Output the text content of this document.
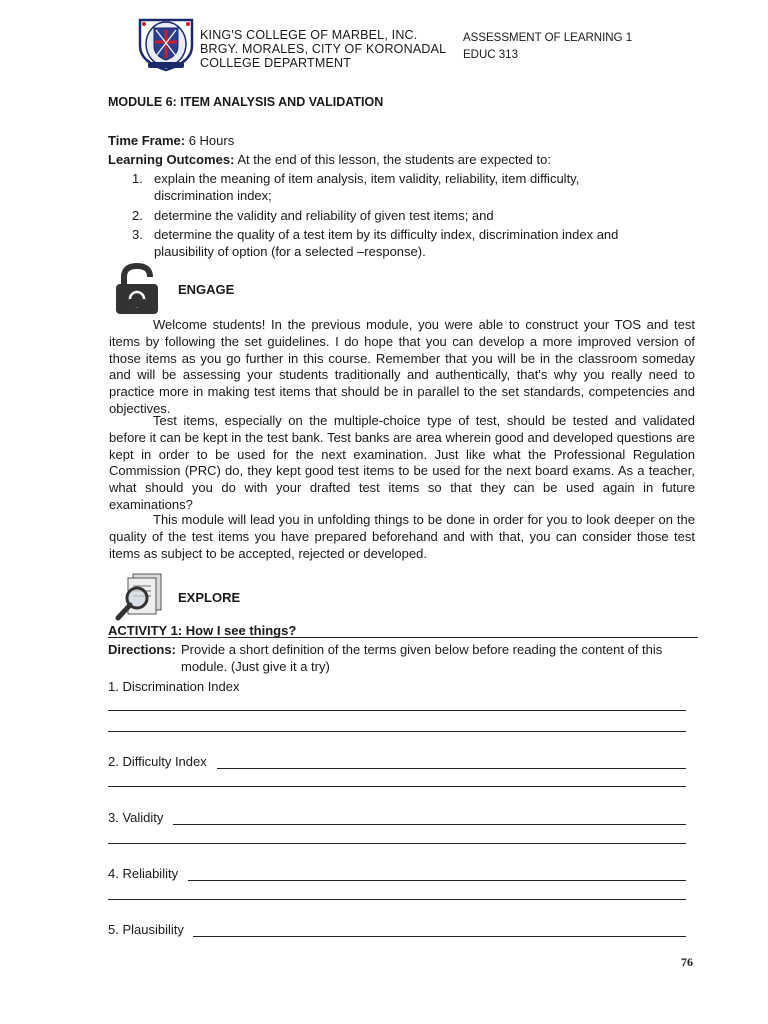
KING'S COLLEGE OF MARBEL, INC.
BRGY. MORALES, CITY OF KORONADAL
COLLEGE DEPARTMENT
ASSESSMENT OF LEARNING 1
EDUC 313
MODULE 6: ITEM ANALYSIS AND VALIDATION
Time Frame: 6 Hours
Learning Outcomes: At the end of this lesson, the students are expected to:
1. explain the meaning of item analysis, item validity, reliability, item difficulty, discrimination index;
2. determine the validity and reliability of given test items; and
3. determine the quality of a test item by its difficulty index, discrimination index and plausibility of option (for a selected –response).
ENGAGE
Welcome students! In the previous module, you were able to construct your TOS and test items by following the set guidelines. I do hope that you can develop a more improved version of those items as you go further in this course. Remember that you will be in the classroom someday and will be assessing your students traditionally and authentically, that's why you really need to practice more in making test items that should be in parallel to the set standards, competencies and objectives.
Test items, especially on the multiple-choice type of test, should be tested and validated before it can be kept in the test bank. Test banks are area wherein good and developed questions are kept in order to be used for the next examination. Just like what the Professional Regulation Commission (PRC) do, they kept good test items to be used for the next board exams. As a teacher, what should you do with your drafted test items so that they can be used again in future examinations?
This module will lead you in unfolding things to be done in order for you to look deeper on the quality of the test items you have prepared beforehand and with that, you can consider those test items as subject to be accepted, rejected or developed.
EXPLORE
ACTIVITY 1: How I see things?
Directions: Provide a short definition of the terms given below before reading the content of this module. (Just give it a try)
1. Discrimination Index
2. Difficulty Index
3. Validity
4. Reliability
5. Plausibility
76
